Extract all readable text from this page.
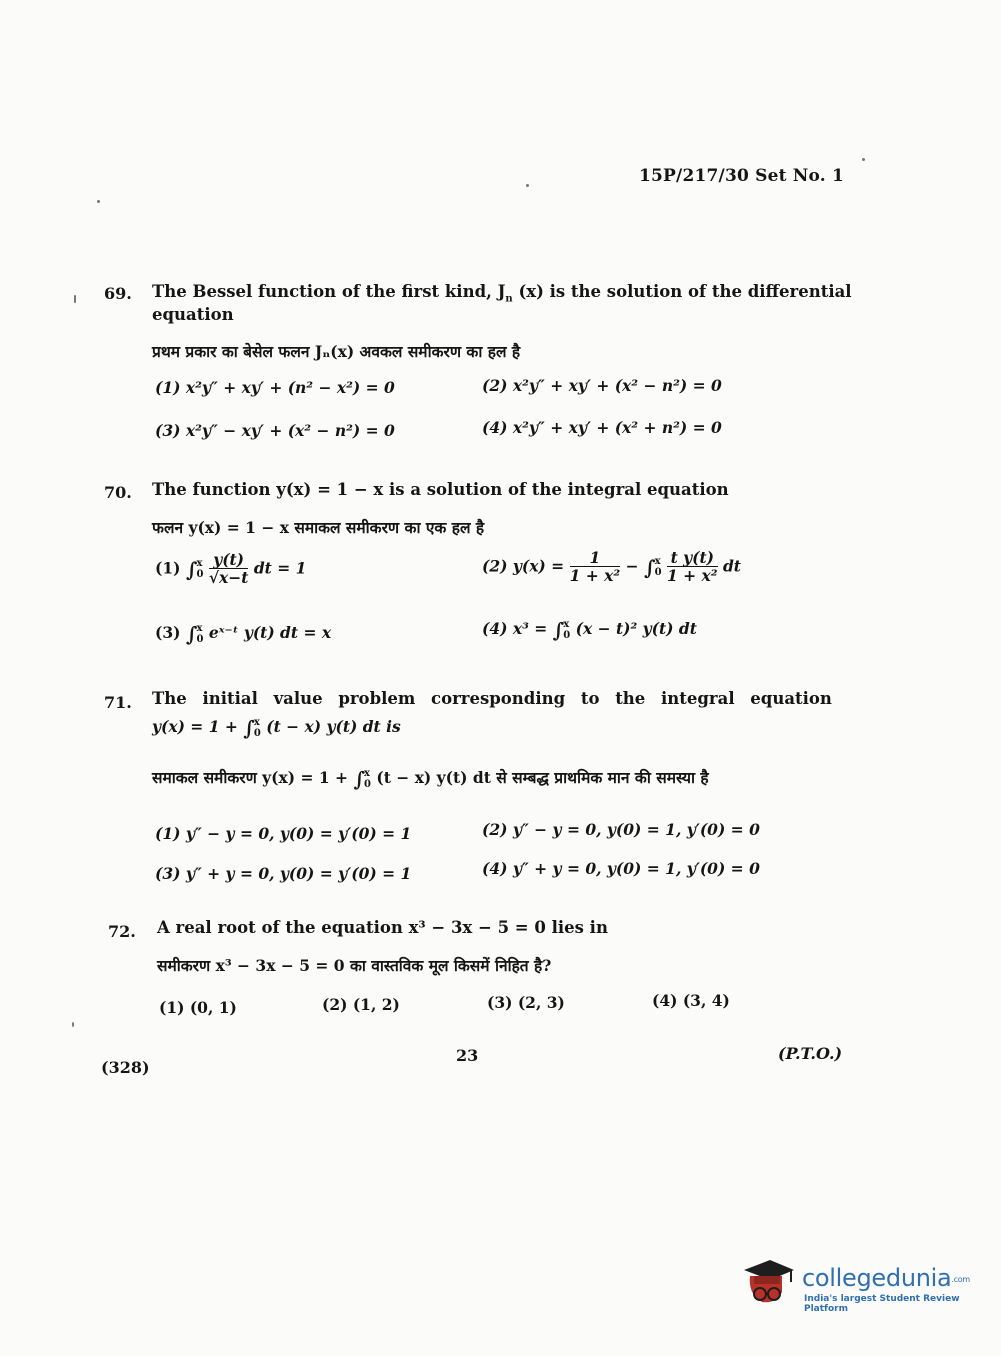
15P/217/30 Set No. 1
69. The Bessel function of the first kind, $J_n$ (x) is the solution of the differential
equation
प्रथम प्रकार का बेसेल फलन Jₙ(x) अवकल समीकरण का हल है
(1) x²y″ + xy′ + (n² − x²) = 0	(2) x²y″ + xy′ + (x² − n²) = 0
(3) x²y″ − xy′ + (x² − n²) = 0	(4) x²y″ + xy′ + (x² + n²) = 0
70. The function y(x) = 1 − x is a solution of the integral equation
फलन y(x) = 1 − x समाकल समीकरण का एक हल है
(1) ∫ x
0
$\frac{y(t)}{√x-t}$ dt = 1	(2) $y(x) = \frac{1}{\text{1 + x²}}$ − ∫ x
0
$\frac{\text{t y(t)}}{\text{1 + x²}}$ dt
(3) ∫ x
0 eˣ⁻ᵗ y(t) dt = x	(4) x³ = ∫ x
0 (x − t)² y(t) dt
71. The initial value problem corresponding to the integral equation
y(x) = 1 + ∫ x
0 (t − x) y(t) dt is
समाकल समीकरण y(x) = 1 + ∫ x
0 (t − x) y(t) dt से सम्बद्ध प्राथमिक मान की समस्या है
(1) y″ − y = 0, y(0) = y′(0) = 1	(2) y″ − y = 0, y(0) = 1, y′(0) = 0
(3) y″ + y = 0, y(0) = y′(0) = 1	(4) y″ + y = 0, y(0) = 1, y′(0) = 0
72. A real root of the equation x³ − 3x − 5 = 0 lies in
समीकरण x³ − 3x − 5 = 0 का वास्तविक मूल किसमें निहित है?
(1) (0, 1)	(2) (1, 2)	(3) (2, 3)	(4) (3, 4)
(328)
23	(P.T.O.)
collegedunia.com
India's largest Student Review Platform
